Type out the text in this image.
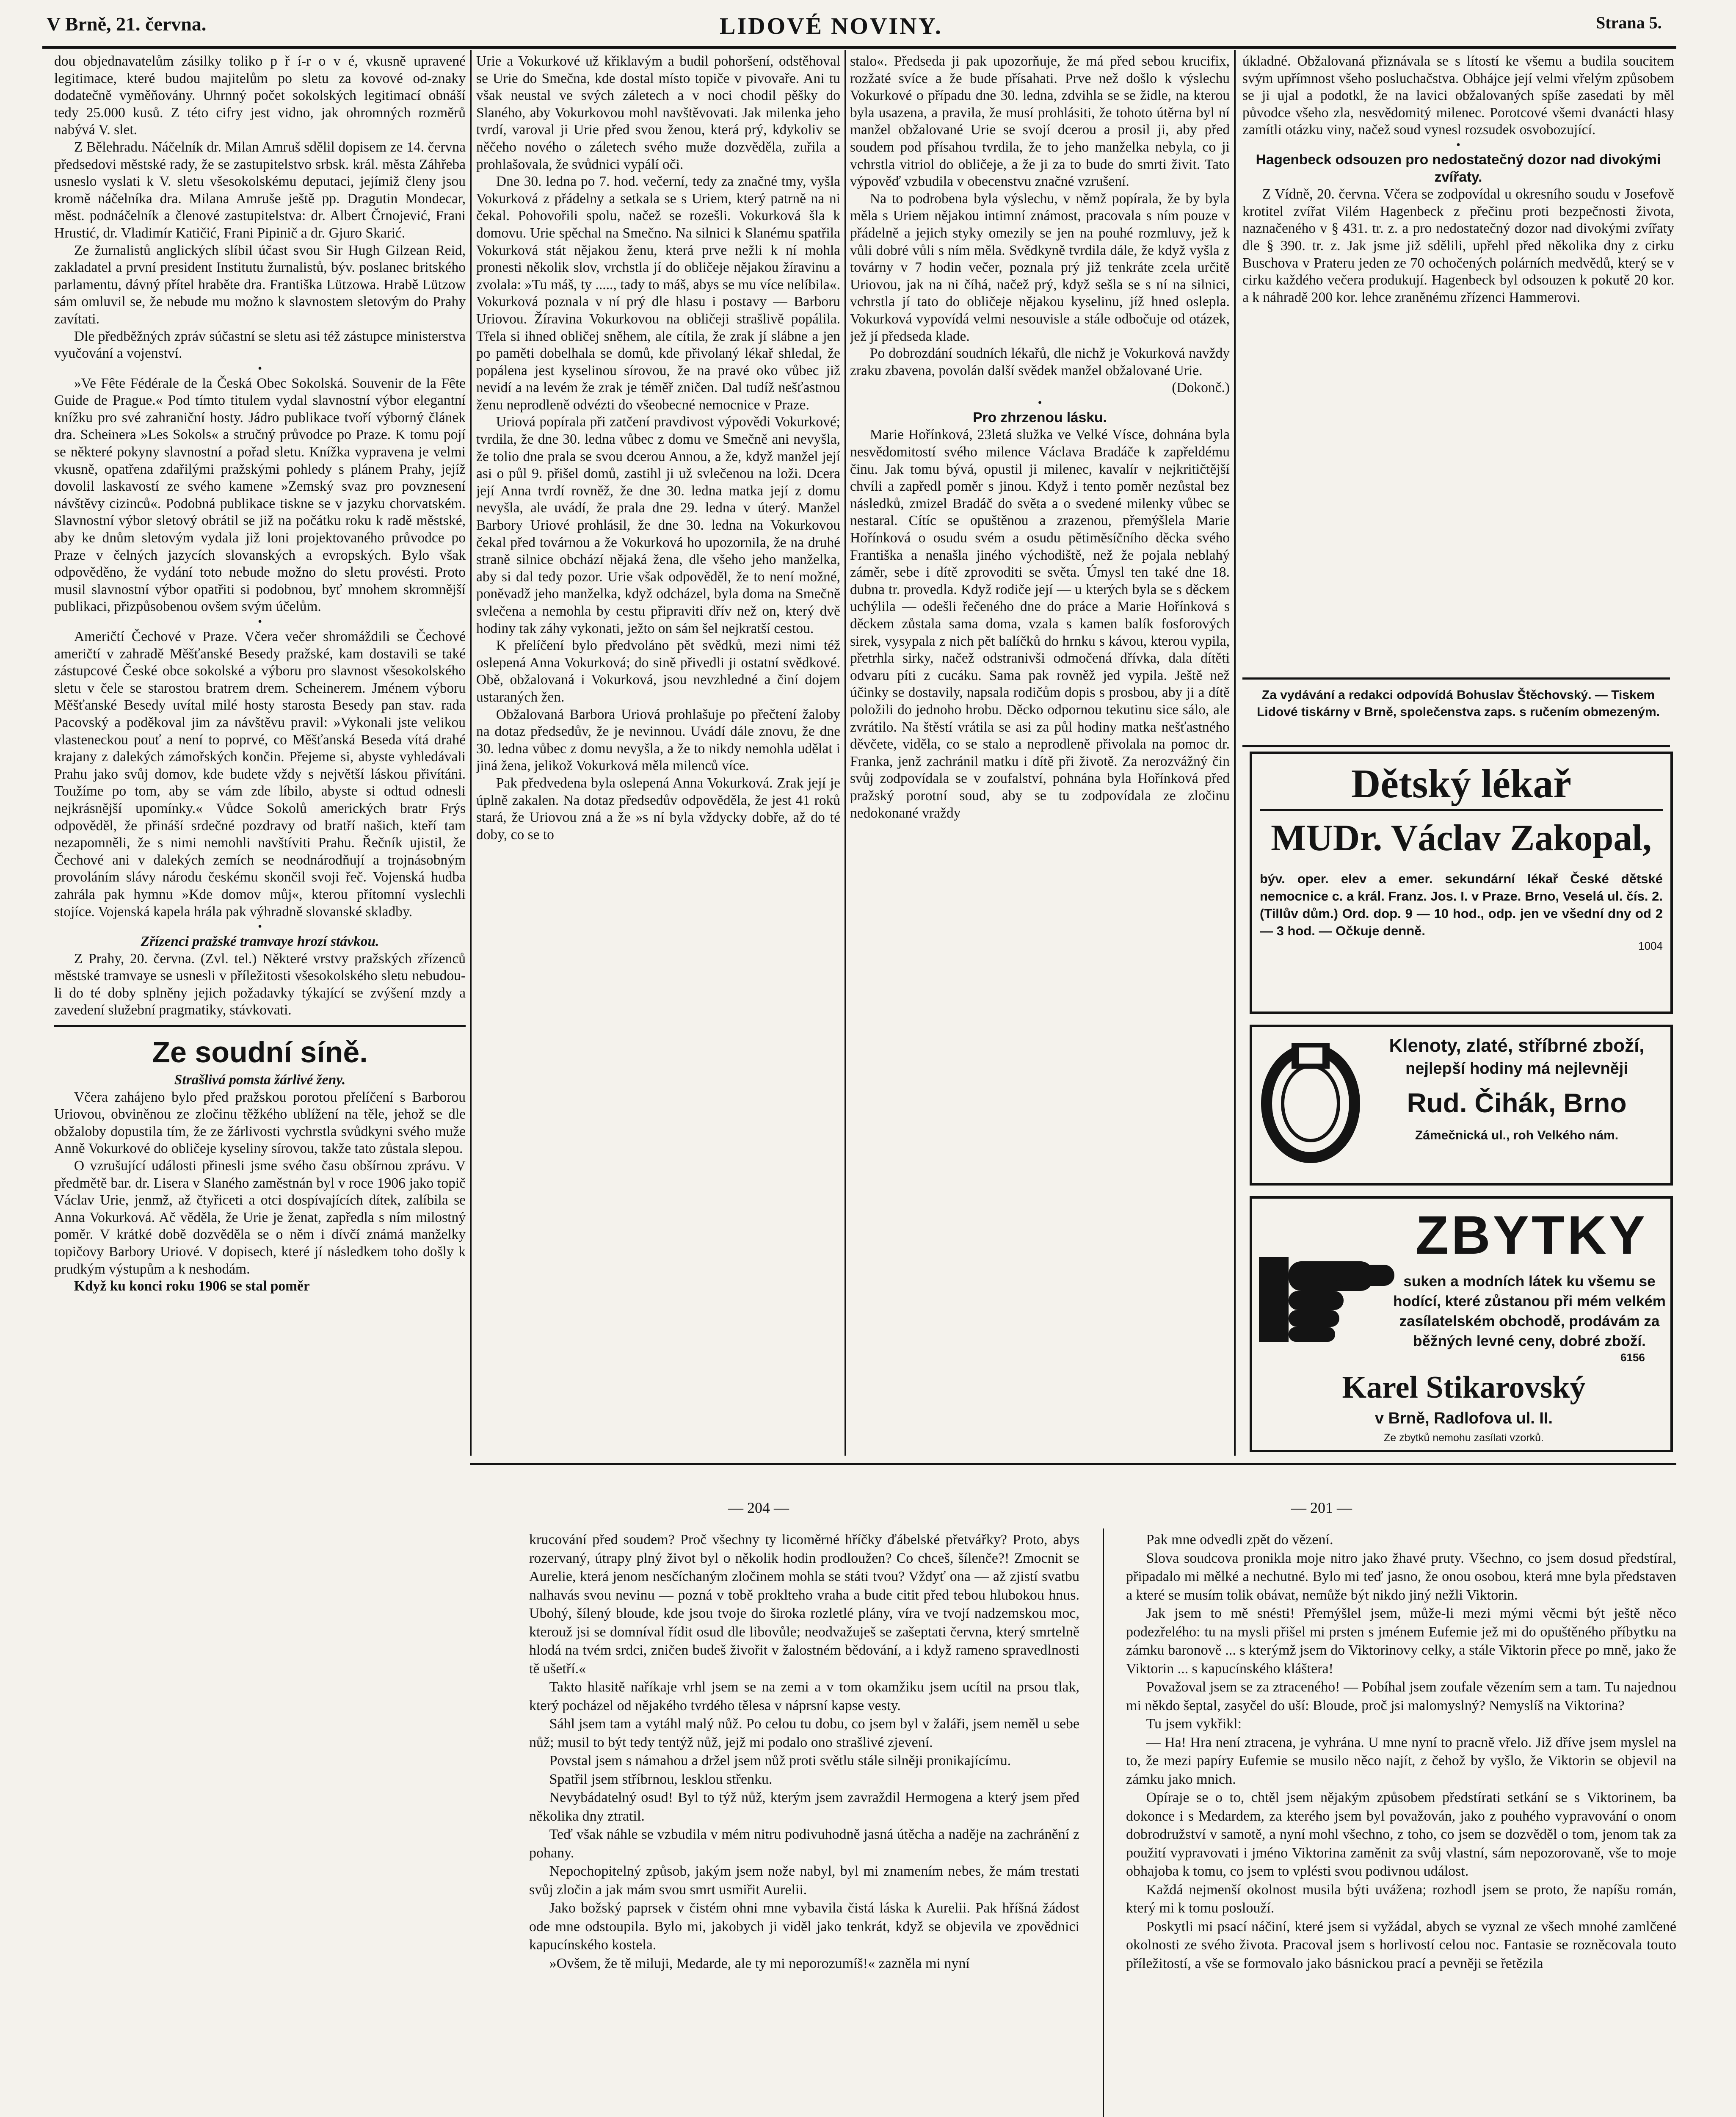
V Brně, 21. června.	LIDOVÉ NOVINY.	Strana 5.

dou objednavatelům zásilky toliko p ř í-r o v é, vkusně upravené legitimace, které budou majitelům po sletu za kovové od-znaky dodatečně vyměňovány. Uhrnný počet sokolských legitimací obnáší tedy 25.000 kusů. Z této cifry jest vidno, jak ohromných rozměrů nabývá V. slet.

Z Bělehradu. Náčelník dr. Milan Amruš sdělil dopisem ze 14. června předsedovi městské rady, že se zastupitelstvo srbsk. král. města Záhřeba usneslo vyslati k V. sletu všesokolskému deputaci, jejímiž členy jsou kromě náčelníka dra. Milana Amruše ještě pp. Dragutin Mondecar, měst. podnáčelník a členové zastupitelstva: dr. Albert Črnojević, Frani Hrustić, dr. Vladimír Katičić, Frani Pipinič a dr. Gjuro Skarić.

Ze žurnalistů anglických slíbil účast svou Sir Hugh Gilzean Reid, zakladatel a první president Institutu žurnalistů, býv. poslanec britského parlamentu, dávný přítel hraběte dra. Františka Lützowa. Hrabě Lützow sám omluvil se, že nebude mu možno k slavnostem sletovým do Prahy zavítati.

Dle předběžných zpráv súčastní se sletu asi též zástupce ministerstva vyučování a vojenství.

•

»Ve Fête Fédérale de la Česká Obec Sokolská. Souvenir de la Fête Guide de Prague.« Pod tímto titulem vydal slavnostní výbor elegantní knížku pro své zahraniční hosty. Jádro publikace tvoří výborný článek dra. Scheinera »Les Sokols« a stručný průvodce po Praze. K tomu pojí se některé pokyny slavnostní a pořad sletu. Knížka vypravena je velmi vkusně, opatřena zdařilými pražskými pohledy s plánem Prahy, jejíž dovolil laskavostí ze svého kamene »Zemský svaz pro povznesení návštěvy cizinců«. Podobná publikace tiskne se v jazyku chorvatském. Slavnostní výbor sletový obrátil se již na počátku roku k radě městské, aby ke dnům sletovým vydala již loni projektovaného průvodce po Praze v čelných jazycích slovanských a evropských. Bylo však odpověděno, že vydání toto nebude možno do sletu provésti. Proto musil slavnostní výbor opatřiti si podobnou, byť mnohem skromnější publikaci, přizpůsobenou ovšem svým účelům.

•

Američtí Čechové v Praze. Včera večer shromáždili se Čechové američtí v zahradě Měšťanské Besedy pražské, kam dostavili se také zástupcové České obce sokolské a výboru pro slavnost všesokolského sletu v čele se starostou bratrem drem. Scheinerem. Jménem výboru Měšťanské Besedy uvítal milé hosty starosta Besedy pan stav. rada Pacovský a poděkoval jim za návštěvu pravil: »Vykonali jste velikou vlasteneckou pouť a není to poprvé, co Měšťanská Beseda vítá drahé krajany z dalekých zámořských končin. Přejeme si, abyste vyhledávali Prahu jako svůj domov, kde budete vždy s největší láskou přivítáni. Toužíme po tom, aby se vám zde líbilo, abyste si odtud odnesli nejkrásnější upomínky.« Vůdce Sokolů amerických bratr Frýs odpověděl, že přináší srdečné pozdravy od bratří našich, kteří tam nezapomněli, že s nimi nemohli navštíviti Prahu. Řečník ujistil, že Čechové ani v dalekých zemích se neodnárodňují a trojnásobným provoláním slávy národu českému skončil svoji řeč. Vojenská hudba zahrála pak hymnu »Kde domov můj«, kterou přítomní vyslechli stojíce. Vojenská kapela hrála pak výhradně slovanské skladby.

•

Zřízenci pražské tramvaye hrozí stávkou.

Z Prahy, 20. června. (Zvl. tel.) Některé vrstvy pražských zřízenců městské tramvaye se usnesli v příležitosti všesokolského sletu nebudou-li do té doby splněny jejich požadavky týkající se zvýšení mzdy a zavedení služební pragmatiky, stávkovati.

Ze soudní síně.

Strašlivá pomsta žárlivé ženy.

Včera zahájeno bylo před pražskou porotou přelíčení s Barborou Uriovou, obviněnou ze zločinu těžkého ublížení na těle, jehož se dle obžaloby dopustila tím, že ze žárlivosti vychrstla svůdkyni svého muže Anně Vokurkové do obličeje kyseliny sírovou, takže tato zůstala slepou.

O vzrušující události přinesli jsme svého času obšírnou zprávu. V předmětě bar. dr. Lisera v Slaného zaměstnán byl v roce 1906 jako topič Václav Urie, jenmž, až čtyřiceti a otci dospívajících dítek, zalíbila se Anna Vokurková. Ač věděla, že Urie je ženat, zapředla s ním milostný poměr. V krátké době dozvěděla se o něm i dívčí známá manželky topičovy Barbory Uriové. V dopisech, které jí následkem toho došly k prudkým výstupům a k neshodám.

Když ku konci roku 1906 se stal poměr

Urie a Vokurkové už křiklavým a budil pohoršení, odstěhoval se Urie do Smečna, kde dostal místo topiče v pivovaře. Ani tu však neustal ve svých záletech a v noci chodil pěšky do Slaného, aby Vokurkovou mohl navštěvovati. Jak milenka jeho tvrdí, varoval ji Urie před svou ženou, která prý, kdykoliv se něčeho nového o záletech svého muže dozvěděla, zuřila a prohlašovala, že svůdnici vypálí oči.

Dne 30. ledna po 7. hod. večerní, tedy za značné tmy, vyšla Vokurková z přádelny a setkala se s Uriem, který patrně na ni čekal. Pohovořili spolu, načež se rozešli. Vokurková šla k domovu. Urie spěchal na Smečno. Na silnici k Slanému spatřila Vokurková stát nějakou ženu, která prve nežli k ní mohla pronesti několik slov, vrchstla jí do obličeje nějakou žíravinu a zvolala: »Tu máš, ty ....., tady to máš, abys se mu více nelíbila«. Vokurková poznala v ní prý dle hlasu i postavy — Barboru Uriovou. Žíravina Vokurkovou na obličeji strašlivě popálila. Třela si ihned obličej sněhem, ale cítila, že zrak jí slábne a jen po paměti dobelhala se domů, kde přivolaný lékař shledal, že popálena jest kyselinou sírovou, že na pravé oko vůbec již nevidí a na levém že zrak je téměř zničen. Dal tudíž nešťastnou ženu neprodleně odvézti do všeobecné nemocnice v Praze.

Uriová popírala při zatčení pravdivost výpovědi Vokurkové; tvrdila, že dne 30. ledna vůbec z domu ve Smečně ani nevyšla, že tolio dne prala se svou dcerou Annou, a že, když manžel její asi o půl 9. přišel domů, zastihl ji už svlečenou na loži. Dcera její Anna tvrdí rovněž, že dne 30. ledna matka její z domu nevyšla, ale uvádí, že prala dne 29. ledna v úterý. Manžel Barbory Uriové prohlásil, že dne 30. ledna na Vokurkovou čekal před továrnou a že Vokurková ho upozornila, že na druhé straně silnice obchází nějaká žena, dle všeho jeho manželka, aby si dal tedy pozor. Urie však odpověděl, že to není možné, poněvadž jeho manželka, když odcházel, byla doma na Smečně svlečena a nemohla by cestu připraviti dřív než on, který dvě hodiny tak záhy vykonati, ježto on sám šel nejkratší cestou.

K přelíčení bylo předvoláno pět svědků, mezi nimi též oslepená Anna Vokurková; do sině přivedli ji ostatní svědkové. Obě, obžalovaná i Vokurková, jsou nevzhledné a činí dojem ustaraných žen.

Obžalovaná Barbora Uriová prohlašuje po přečtení žaloby na dotaz předsedův, že je nevinnou. Uvádí dále znovu, že dne 30. ledna vůbec z domu nevyšla, a že to nikdy nemohla udělat i jiná žena, jelikož Vokurková měla milenců více.

Pak předvedena byla oslepená Anna Vokurková. Zrak její je úplně zakalen. Na dotaz předsedův odpověděla, že jest 41 roků stará, že Uriovou zná a že »s ní byla vždycky dobře, až do té doby, co se to

stalo«. Předseda ji pak upozorňuje, že má před sebou krucifix, rozžaté svíce a že bude přísahati. Prve než došlo k výslechu Vokurkové o případu dne 30. ledna, zdvihla se se židle, na kterou byla usazena, a pravila, že musí prohlásiti, že tohoto útěrna byl ní manžel obžalované Urie se svojí dcerou a prosil ji, aby před soudem pod přísahou tvrdila, že to jeho manželka nebyla, co ji vchrstla vitriol do obličeje, a že ji za to bude do smrti živit. Tato výpověď vzbudila v obecenstvu značné vzrušení.

Na to podrobena byla výslechu, v němž popírala, že by byla měla s Uriem nějakou intimní známost, pracovala s ním pouze v přádelně a jejich styky omezily se jen na pouhé rozmluvy, jež k vůli dobré vůli s ním měla. Svědkyně tvrdila dále, že když vyšla z továrny v 7 hodin večer, poznala prý již tenkráte zcela určitě Uriovou, jak na ni číhá, načež prý, když sešla se s ní na silnici, vchrstla jí tato do obličeje nějakou kyselinu, jíž hned oslepla. Vokurková vypovídá velmi nesouvisle a stále odbočuje od otázek, jež jí předseda klade.

Po dobrozdání soudních lékařů, dle nichž je Vokurková navždy zraku zbavena, povolán další svědek manžel obžalované Urie.

(Dokonč.)

•

Pro zhrzenou lásku.

Marie Hořínková, 23letá služka ve Velké Vísce, dohnána byla nesvědomitostí svého milence Václava Bradáče k zapřeldému činu. Jak tomu bývá, opustil ji milenec, kavalír v nejkritičtější chvíli a zapředl poměr s jinou. Když i tento poměr nezůstal bez následků, zmizel Bradáč do světa a o svedené milenky vůbec se nestaral. Cítíc se opuštěnou a zrazenou, přemýšlela Marie Hořínková o osudu svém a osudu pětiměsíčního děcka svého Františka a nenašla jiného východiště, než že pojala neblahý záměr, sebe i dítě zprovoditi se světa. Úmysl ten také dne 18. dubna tr. provedla. Když rodiče její — u kterých byla se s děckem uchýlila — odešli řečeného dne do práce a Marie Hořínková s děckem zůstala sama doma, vzala s kamen balík fosforových sirek, vysypala z nich pět balíčků do hrnku s kávou, kterou vypila, přetrhla sirky, načež odstranivši odmočená dřívka, dala dítěti odvaru píti z cucáku. Sama pak rovněž jed vypila. Ještě než účinky se dostavily, napsala rodičům dopis s prosbou, aby ji a dítě položili do jednoho hrobu. Děcko odpornou tekutinu sice sálo, ale zvrátilo. Na štěstí vrátila se asi za půl hodiny matka nešťastného děvčete, viděla, co se stalo a neprodleně přivolala na pomoc dr. Franka, jenž zachránil matku i dítě při životě. Za nerozvážný čin svůj zodpovídala se v zoufalství, pohnána byla Hořínková před pražský porotní soud, aby se tu zodpovídala ze zločinu nedokonané vraždy

úkladné. Obžalovaná přiznávala se s lítostí ke všemu a budila soucitem svým upřímnost všeho posluchačstva. Obhájce její velmi vřelým způsobem se ji ujal a podotkl, že na lavici obžalovaných spíše zasedati by měl původce všeho zla, nesvědomitý milenec. Porotcové všemi dvanácti hlasy zamítli otázku viny, načež soud vynesl rozsudek osvobozující.

•

Hagenbeck odsouzen pro nedostatečný dozor nad divokými zvířaty.

Z Vídně, 20. června. Včera se zodpovídal u okresního soudu v Josefově krotitel zvířat Vilém Hagenbeck z přečinu proti bezpečnosti života, naznačeného v § 431. tr. z. a pro nedostatečný dozor nad divokými zvířaty dle § 390. tr. z. Jak jsme již sdělili, upřehl před několika dny z cirku Buschova v Prateru jeden ze 70 ochočených polárních medvědů, který se v cirku každého večera produkují. Hagenbeck byl odsouzen k pokutě 20 kor. a k náhradě 200 kor. lehce zraněnému zřízenci Hammerovi.

Za vydávání a redakci odpovídá Bohuslav Štěchovský. — Tiskem Lidové tiskárny v Brně, společenstva zaps. s ručením obmezeným.
Dětský lékař
MUDr. Václav Zakopal,
býv. oper. elev a emer. sekundární lékař České dětské nemocnice c. a král. Franz. Jos. I. v Praze. Brno, Veselá ul. čís. 2. (Tillův dům.) Ord. dop. 9 — 10 hod., odp. jen ve všední dny od 2 — 3 hod. — Očkuje denně.
1004
Klenoty, zlaté, stříbrné zboží,
nejlepší hodiny má nejlevněji
Rud. Čihák, Brno
Zámečnická ul., roh Velkého nám.
ZBYTKY
suken a modních látek ku všemu se hodící, které zůstanou při mém velkém zasílatelském obchodě, prodávám za běžných levné ceny, dobré zboží.
6156
Karel Stikarovský
v Brně, Radlofova ul. II.
Ze zbytků nemohu zasílati vzorků.
— 204 —	— 201 —

krucování před soudem? Proč všechny ty licoměrné hříčky ďábelské přetvářky? Proto, abys rozervaný, útrapy plný život byl o několik hodin prodloužen? Co chceš, šílenče?! Zmocnit se Aurelie, která jenom nesčíchaným zločinem mohla se státi tvou? Vždyť ona — až zjistí svatbu nalhavás svou nevinu — pozná v tobě proklteho vraha a bude citit před tebou hlubokou hnus. Ubohý, šílený bloude, kde jsou tvoje do široka rozletlé plány, víra ve tvojí nadzemskou moc, kterouž jsi se domníval řídit osud dle libovůle; neodvažuješ se zašeptati června, který smrtelně hlodá na tvém srdci, zničen budeš živořit v žalostném bědování, a i když rameno spravedlnosti tě ušetří.«

Takto hlasitě naříkaje vrhl jsem se na zemi a v tom okamžiku jsem ucítil na prsou tlak, který pocházel od nějakého tvrdého tělesa v náprsní kapse vesty.

Sáhl jsem tam a vytáhl malý nůž. Po celou tu dobu, co jsem byl v žaláři, jsem neměl u sebe nůž; musil to být tedy tentýž nůž, jejž mi podalo ono strašlivé zjevení.

Povstal jsem s námahou a držel jsem nůž proti světlu stále silněji pronikajícímu.

Spatřil jsem stříbrnou, lesklou střenku.

Nevybádatelný osud! Byl to týž nůž, kterým jsem zavraždil Hermogena a který jsem před několika dny ztratil.

Teď však náhle se vzbudila v mém nitru podivuhodně jasná útěcha a naděje na zachránění z pohany.

Nepochopitelný způsob, jakým jsem nože nabyl, byl mi znamením nebes, že mám trestati svůj zločin a jak mám svou smrt usmiřit Aurelii.

Jako božský paprsek v čistém ohni mne vybavila čistá láska k Aurelii. Pak hříšná žádost ode mne odstoupila. Bylo mi, jakobych ji viděl jako tenkrát, když se objevila ve zpovědnici kapucínského kostela.

»Ovšem, že tě miluji, Medarde, ale ty mi neporozumíš!« zazněla mi nyní

Pak mne odvedli zpět do vězení.

Slova soudcova pronikla moje nitro jako žhavé pruty. Všechno, co jsem dosud předstíral, připadalo mi mělké a nechutné. Bylo mi teď jasno, že onou osobou, která mne byla představen a které se musím tolik obávat, nemůže být nikdo jiný nežli Viktorin.

Jak jsem to mě snésti! Přemýšlel jsem, může-li mezi mými věcmi být ještě něco podezřelého: tu na mysli přišel mi prsten s jménem Eufemie jež mi do opuštěného příbytku na zámku baronově ... s kterýmž jsem do Viktorinovy celky, a stále Viktorin přece po mně, jako že Viktorin ... s kapucínského klášterа!

Považoval jsem se za ztraceného! — Pobíhal jsem zoufale vězením sem a tam. Tu najednou mi někdo šeptal, zasyčel do uší: Bloude, proč jsi malomyslný? Nemyslíš na Viktorina?

Tu jsem vykřikl:

— Ha! Hra není ztracena, je vyhrána. U mne nyní to pracně vřelo. Již dříve jsem myslel na to, že mezi papíry Eufemie se musilo něco najít, z čehož by vyšlo, že Viktorin se objevil na zámku jako mnich.

Opíraje se o to, chtěl jsem nějakým způsobem předstírati setkání se s Viktorinem, ba dokonce i s Medardem, za kterého jsem byl považován, jako z pouhého vypravování o onom dobrodružství v samotě, a nyní mohl všechno, z toho, co jsem se dozvěděl o tom, jenom tak za použití vypravovati i jméno Viktorina zaměnit za svůj vlastní, sám nepozorovaně, vše to moje obhajoba k tomu, co jsem to vplésti svou podivnou událost.

Každá nejmenší okolnost musila býti uvážena; rozhodl jsem se proto, že napíšu román, který mi k tomu poslouží.

Poskytli mi psací náčiní, které jsem si vyžádal, abych se vyznal ze všech mnohé zamlčené okolnosti ze svého života. Pracoval jsem s horlivostí celou noc. Fantasie se rozněcovala touto příležitostí, a vše se formovalo jako básnickou prací a pevněji se řetězila
